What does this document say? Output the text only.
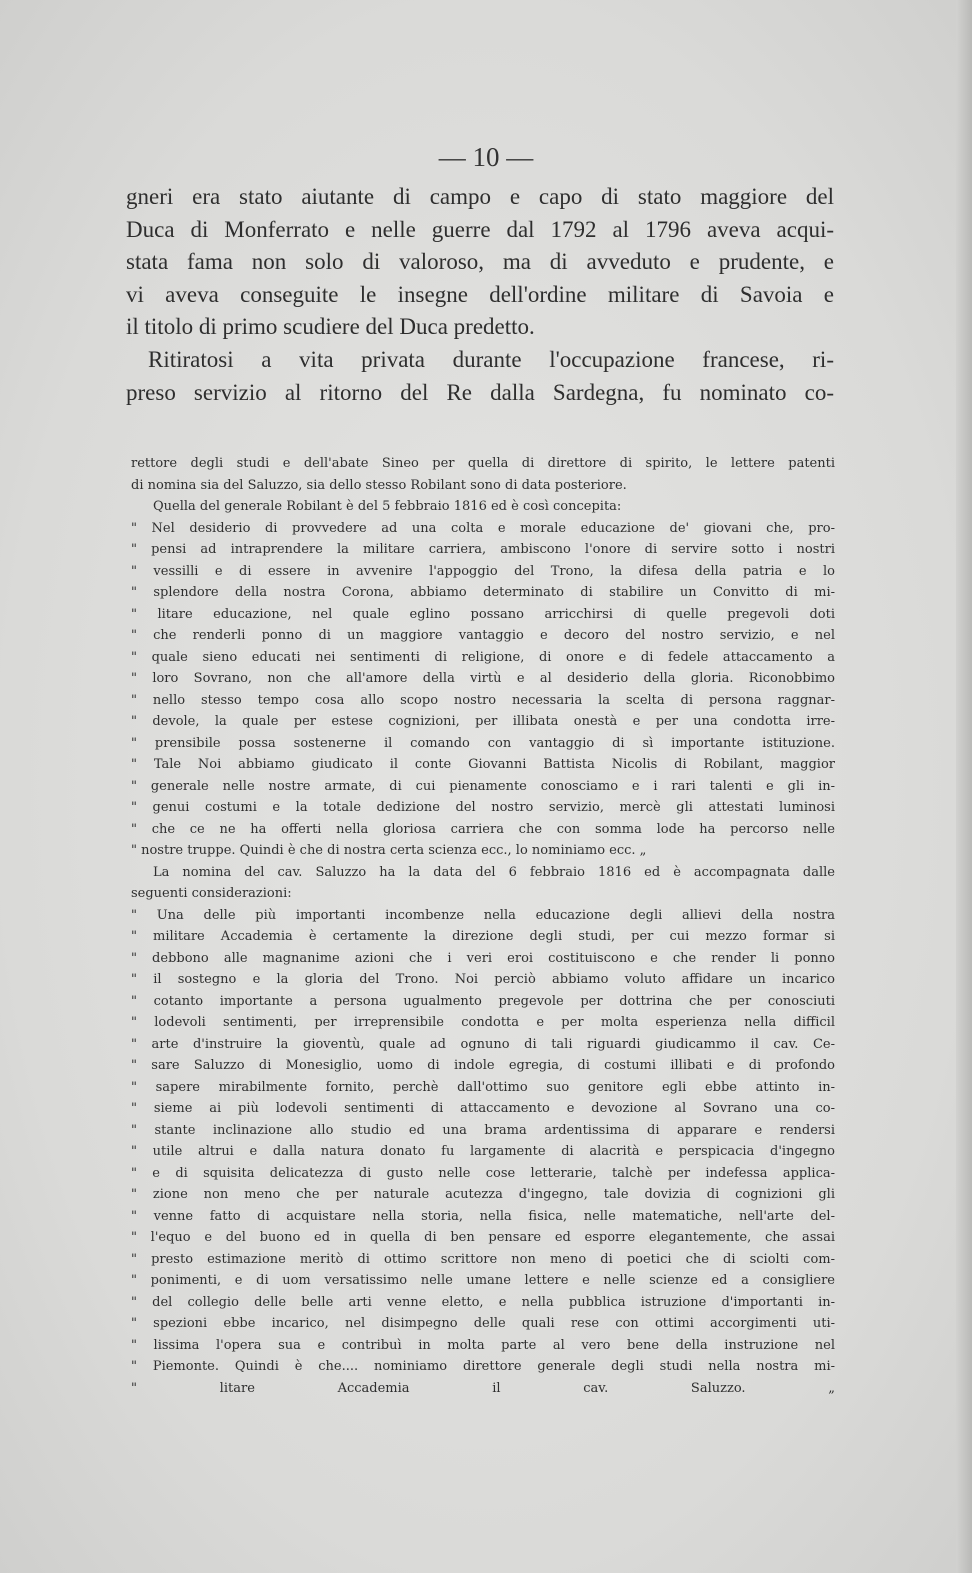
— 10 —
gneri era stato aiutante di campo e capo di stato maggiore del
Duca di Monferrato e nelle guerre dal 1792 al 1796 aveva acqui-
stata fama non solo di valoroso, ma di avveduto e prudente, e
vi aveva conseguite le insegne dell'ordine militare di Savoia e
il titolo di primo scudiere del Duca predetto.
Ritiratosi a vita privata durante l'occupazione francese, ri-
preso servizio al ritorno del Re dalla Sardegna, fu nominato co-
rettore degli studi e dell'abate Sineo per quella di direttore di spirito, le lettere patenti
di nomina sia del Saluzzo, sia dello stesso Robilant sono di data posteriore.
Quella del generale Robilant è del 5 febbraio 1816 ed è così concepita:
" Nel desiderio di provvedere ad una colta e morale educazione de' giovani che, pro-
" pensi ad intraprendere la militare carriera, ambiscono l'onore di servire sotto i nostri
" vessilli e di essere in avvenire l'appoggio del Trono, la difesa della patria e lo
" splendore della nostra Corona, abbiamo determinato di stabilire un Convitto di mi-
" litare educazione, nel quale eglino possano arricchirsi di quelle pregevoli doti
" che renderli ponno di un maggiore vantaggio e decoro del nostro servizio, e nel
" quale sieno educati nei sentimenti di religione, di onore e di fedele attaccamento a
" loro Sovrano, non che all'amore della virtù e al desiderio della gloria. Riconobbimo
" nello stesso tempo cosa allo scopo nostro necessaria la scelta di persona raggnar-
" devole, la quale per estese cognizioni, per illibata onestà e per una condotta irre-
" prensibile possa sostenerne il comando con vantaggio di sì importante istituzione.
" Tale Noi abbiamo giudicato il conte Giovanni Battista Nicolis di Robilant, maggior
" generale nelle nostre armate, di cui pienamente conosciamo e i rari talenti e gli in-
" genui costumi e la totale dedizione del nostro servizio, mercè gli attestati luminosi
" che ce ne ha offerti nella gloriosa carriera che con somma lode ha percorso nelle
" nostre truppe. Quindi è che di nostra certa scienza ecc., lo nominiamo ecc. „
La nomina del cav. Saluzzo ha la data del 6 febbraio 1816 ed è accompagnata dalle
seguenti considerazioni:
" Una delle più importanti incombenze nella educazione degli allievi della nostra
" militare Accademia è certamente la direzione degli studi, per cui mezzo formar si
" debbono alle magnanime azioni che i veri eroi costituiscono e che render li ponno
" il sostegno e la gloria del Trono. Noi perciò abbiamo voluto affidare un incarico
" cotanto importante a persona ugualmento pregevole per dottrina che per conosciuti
" lodevoli sentimenti, per irreprensibile condotta e per molta esperienza nella difficil
" arte d'instruire la gioventù, quale ad ognuno di tali riguardi giudicammo il cav. Ce-
" sare Saluzzo di Monesiglio, uomo di indole egregia, di costumi illibati e di profondo
" sapere mirabilmente fornito, perchè dall'ottimo suo genitore egli ebbe attinto in-
" sieme ai più lodevoli sentimenti di attaccamento e devozione al Sovrano una co-
" stante inclinazione allo studio ed una brama ardentissima di apparare e rendersi
" utile altrui e dalla natura donato fu largamente di alacrità e perspicacia d'ingegno
" e di squisita delicatezza di gusto nelle cose letterarie, talchè per indefessa applica-
" zione non meno che per naturale acutezza d'ingegno, tale dovizia di cognizioni gli
" venne fatto di acquistare nella storia, nella fisica, nelle matematiche, nell'arte del-
" l'equo e del buono ed in quella di ben pensare ed esporre elegantemente, che assai
" presto estimazione meritò di ottimo scrittore non meno di poetici che di sciolti com-
" ponimenti, e di uom versatissimo nelle umane lettere e nelle scienze ed a consigliere
" del collegio delle belle arti venne eletto, e nella pubblica istruzione d'importanti in-
" spezioni ebbe incarico, nel disimpegno delle quali rese con ottimi accorgimenti uti-
" lissima l'opera sua e contribuì in molta parte al vero bene della instruzione nel
" Piemonte. Quindi è che.... nominiamo direttore generale degli studi nella nostra mi-
" litare Accademia il cav. Saluzzo. „
